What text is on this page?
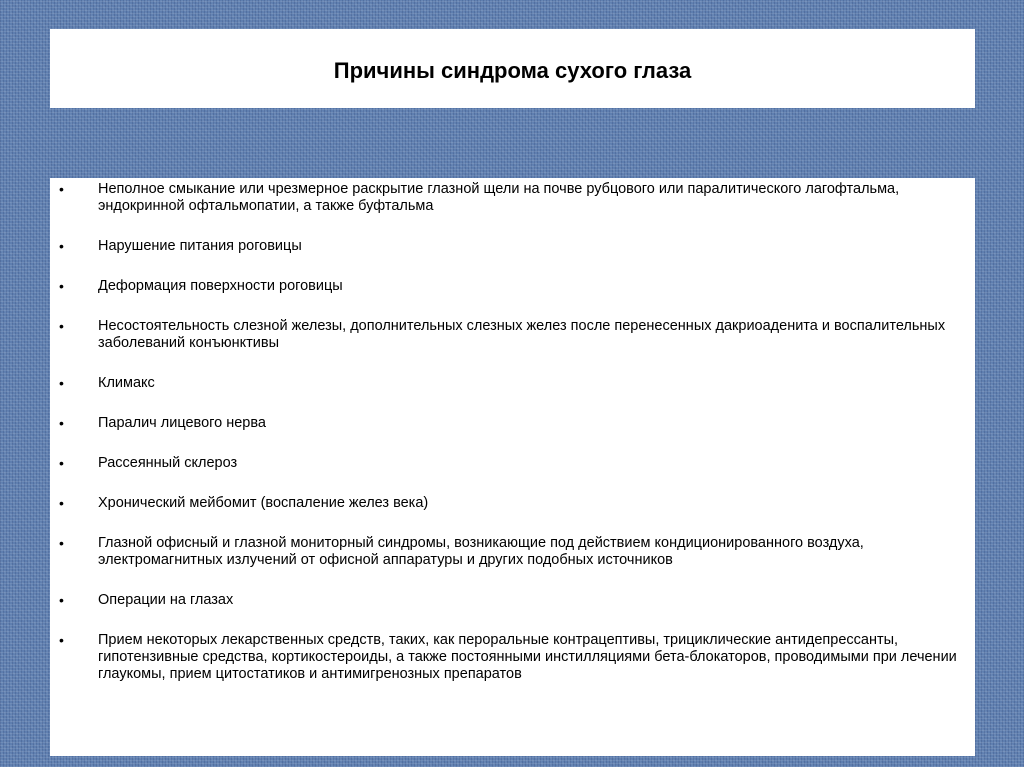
Причины синдрома сухого глаза
• Неполное смыкание или чрезмерное раскрытие глазной щели на почве рубцового или паралитического лагофтальма, эндокринной офтальмопатии, а также буфтальма
• Нарушение питания роговицы
• Деформация поверхности роговицы
• Несостоятельность слезной железы, дополнительных слезных желез после перенесенных дакриоаденита и воспалительных заболеваний конъюнктивы
• Климакс
• Паралич лицевого нерва
• Рассеянный склероз
• Хронический мейбомит (воспаление желез века)
• Глазной офисный и глазной мониторный синдромы, возникающие под действием кондиционированного воздуха, электромагнитных излучений от офисной аппаратуры и других подобных источников
• Операции на глазах
• Прием некоторых лекарственных средств, таких, как пероральные контрацептивы, трициклические антидепрессанты, гипотензивные средства, кортикостероиды, а также постоянными инстилляциями бета-блокаторов, проводимыми при лечении глаукомы, прием цитостатиков и антимигренозных препаратов
